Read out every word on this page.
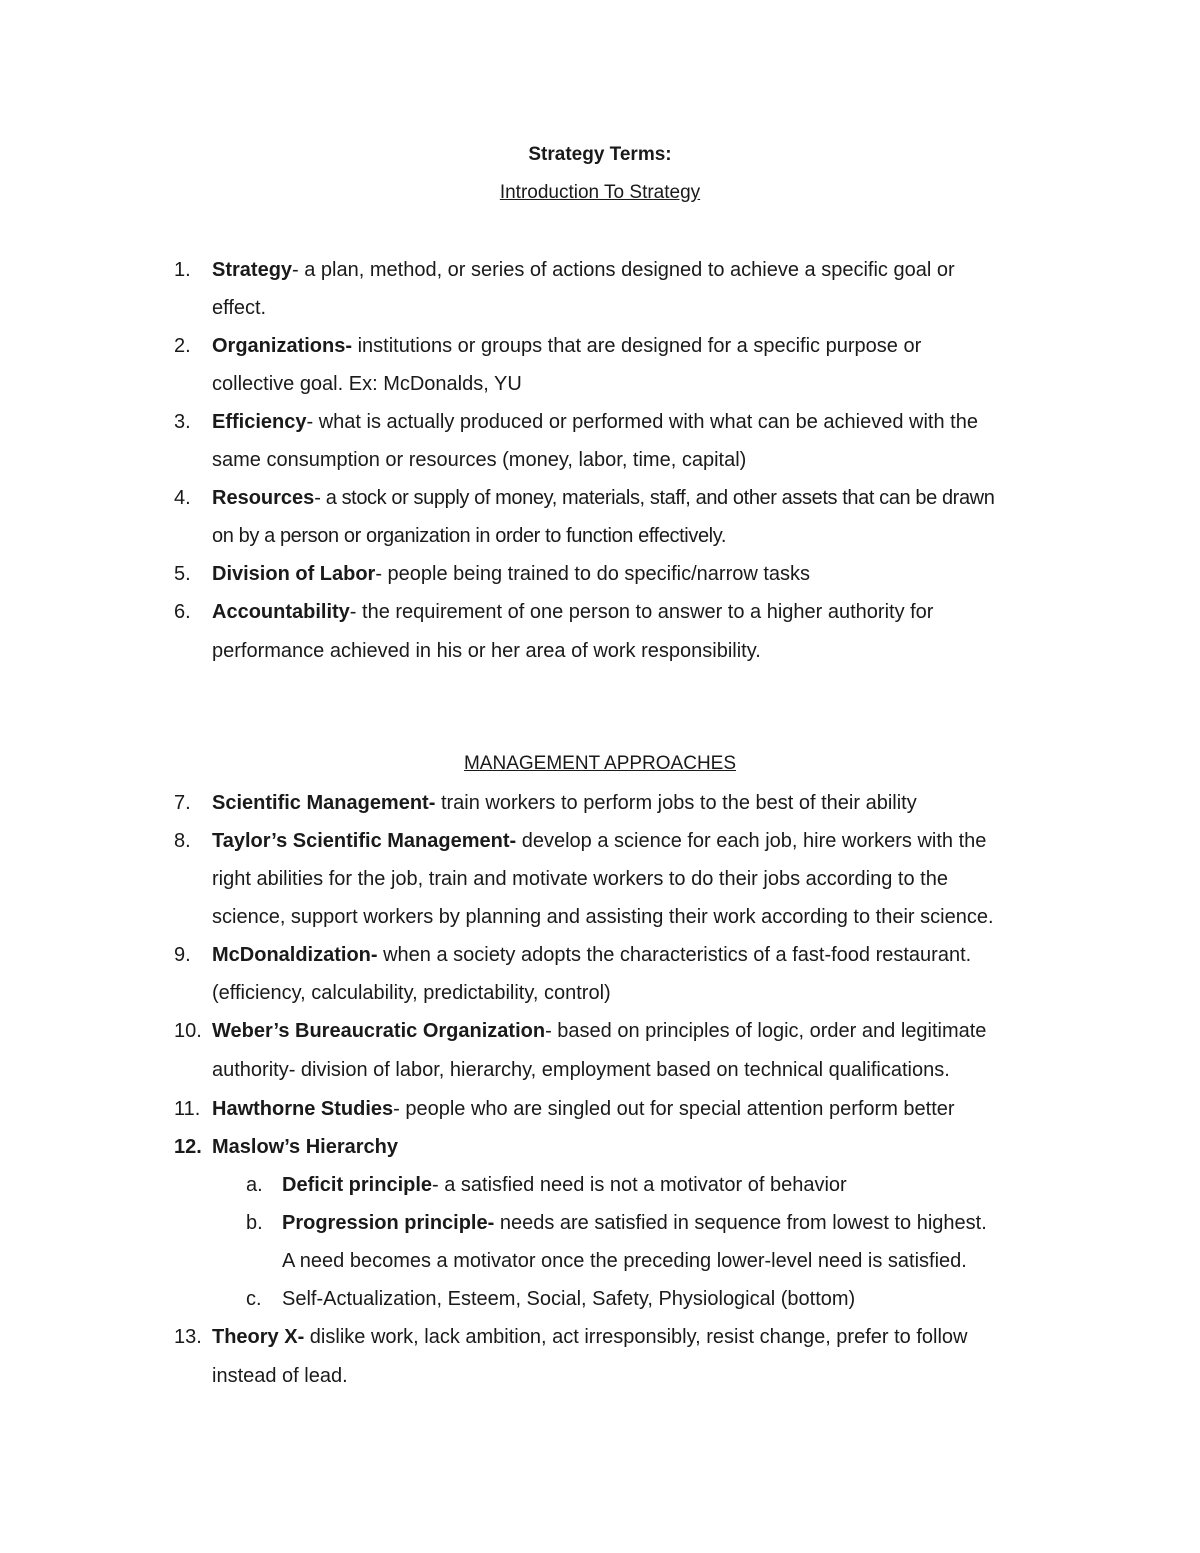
Strategy Terms:
Introduction To Strategy
1.	Strategy- a plan, method, or series of actions designed to achieve a specific goal or
effect.
2.	Organizations- institutions or groups that are designed for a specific purpose or
collective goal. Ex: McDonalds, YU
3.	Efficiency- what is actually produced or performed with what can be achieved with the
same consumption or resources (money, labor, time, capital)
4.	Resources- a stock or supply of money, materials, staff, and other assets that can be drawn
on by a person or organization in order to function effectively.
5.	Division of Labor- people being trained to do specific/narrow tasks
6.	Accountability- the requirement of one person to answer to a higher authority for
performance achieved in his or her area of work responsibility.
MANAGEMENT APPROACHES
7.	Scientific Management- train workers to perform jobs to the best of their ability
8.	Taylor’s Scientific Management- develop a science for each job, hire workers with the
right abilities for the job, train and motivate workers to do their jobs according to the
science, support workers by planning and assisting their work according to their science.
9.	McDonaldization- when a society adopts the characteristics of a fast-food restaurant.
(efficiency, calculability, predictability, control)
10. Weber’s Bureaucratic Organization- based on principles of logic, order and legitimate
authority- division of labor, hierarchy, employment based on technical qualifications.
11. Hawthorne Studies- people who are singled out for special attention perform better
12. Maslow’s Hierarchy
a. Deficit principle- a satisfied need is not a motivator of behavior
b. Progression principle- needs are satisfied in sequence from lowest to highest.
A need becomes a motivator once the preceding lower-level need is satisfied.
c. Self-Actualization, Esteem, Social, Safety, Physiological (bottom)
13. Theory X- dislike work, lack ambition, act irresponsibly, resist change, prefer to follow
instead of lead.
